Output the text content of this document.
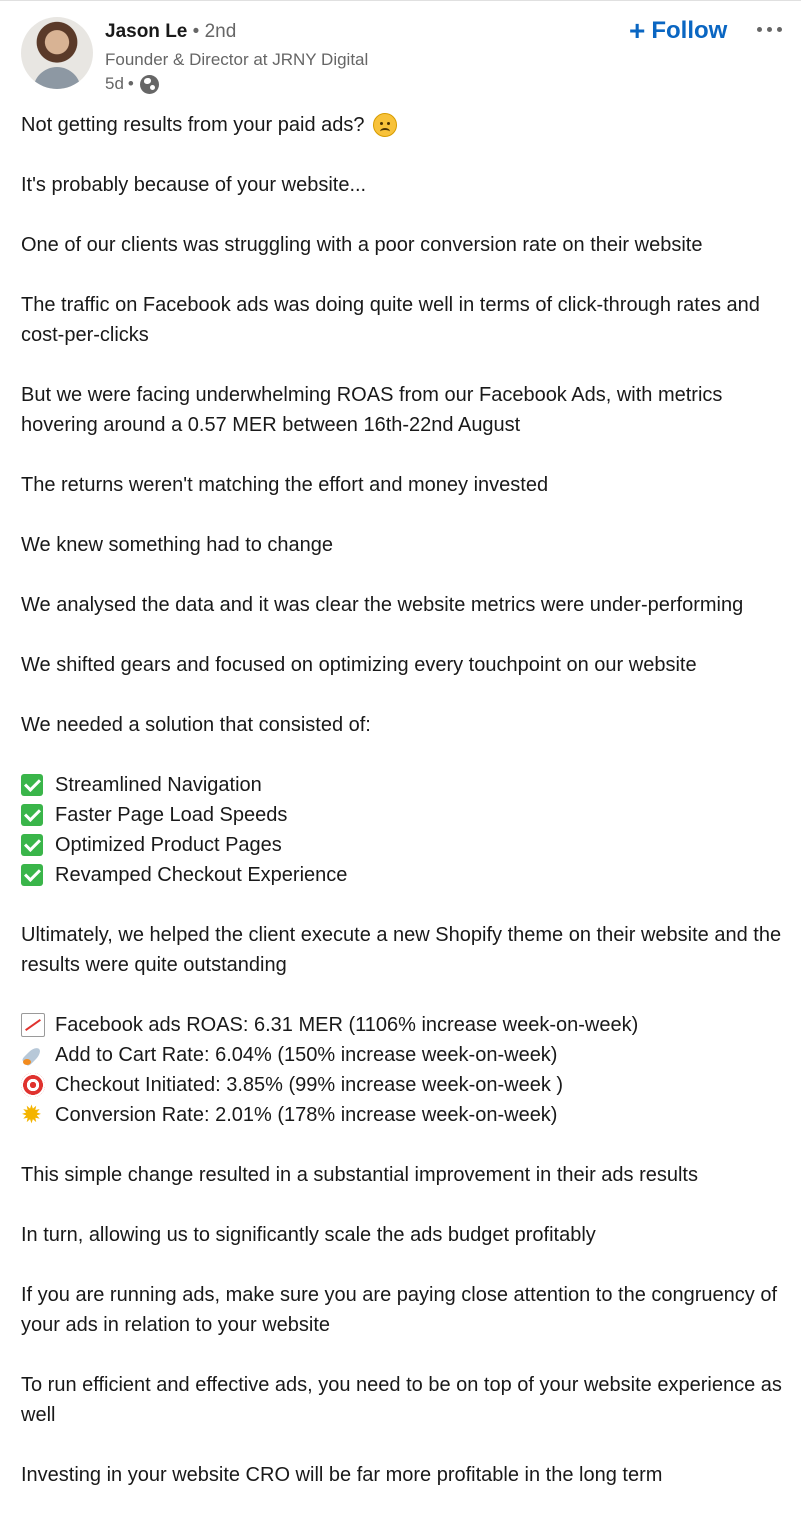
Jason Le • 2nd
Founder & Director at JRNY Digital
5d •
+ Follow
Not getting results from your paid ads?

It's probably because of your website...

One of our clients was struggling with a poor conversion rate on their website

The traffic on Facebook ads was doing quite well in terms of click-through rates and cost-per-clicks

But we were facing underwhelming ROAS from our Facebook Ads, with metrics hovering around a 0.57 MER between 16th-22nd August

The returns weren't matching the effort and money invested

We knew something had to change

We analysed the data and it was clear the website metrics were under-performing

We shifted gears and focused on optimizing every touchpoint on our website

We needed a solution that consisted of:

Streamlined Navigation
Faster Page Load Speeds
Optimized Product Pages
Revamped Checkout Experience

Ultimately, we helped the client execute a new Shopify theme on their website and the results were quite outstanding

Facebook ads ROAS: 6.31 MER (1106% increase week-on-week)
Add to Cart Rate: 6.04% (150% increase week-on-week)
Checkout Initiated: 3.85% (99% increase week-on-week )
✹
Conversion Rate: 2.01% (178% increase week-on-week)

This simple change resulted in a substantial improvement in their ads results

In turn, allowing us to significantly scale the ads budget profitably

If you are running ads, make sure you are paying close attention to the congruency of your ads in relation to your website

To run efficient and effective ads, you need to be on top of your website experience as well

Investing in your website CRO will be far more profitable in the long term
